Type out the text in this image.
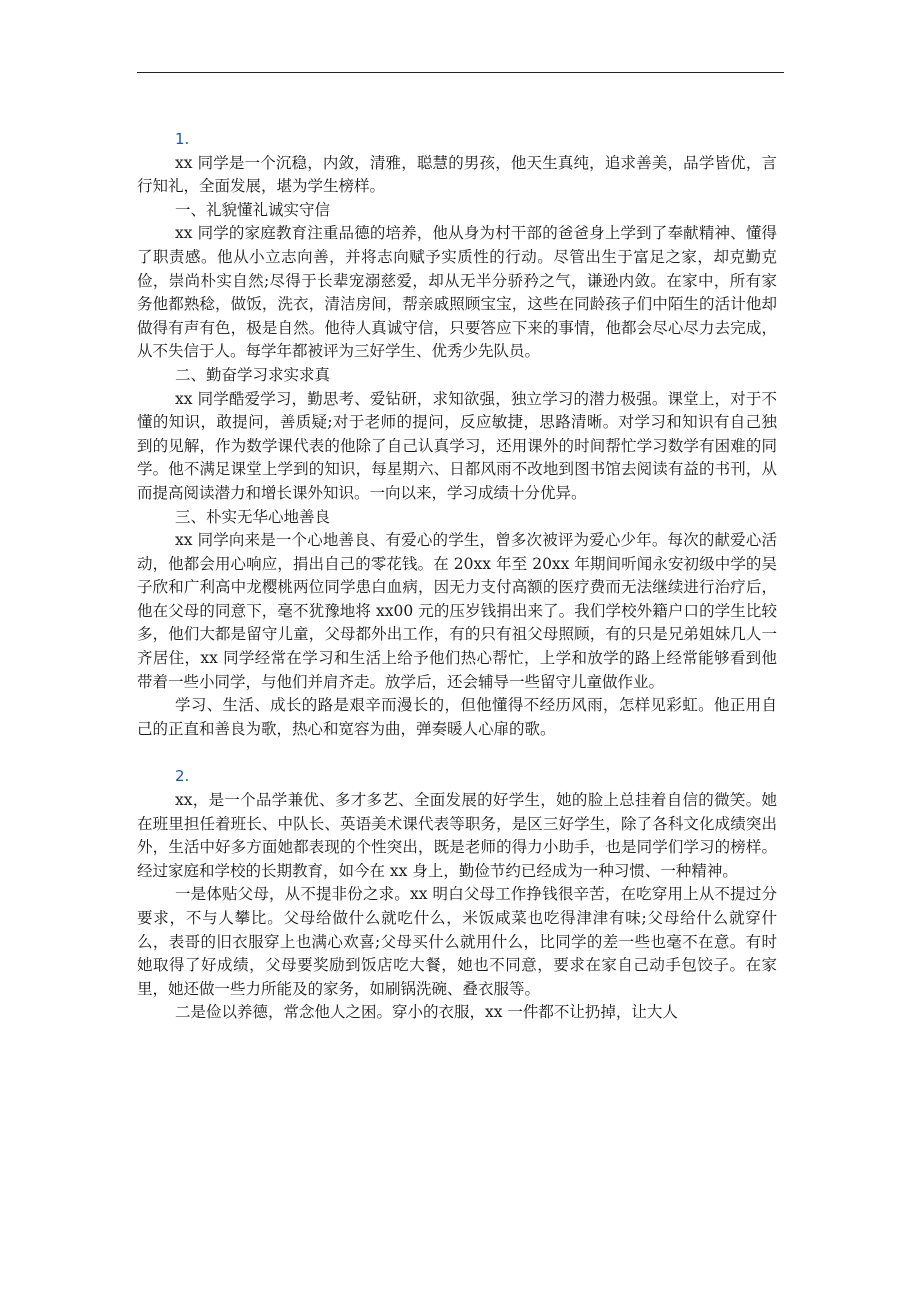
1.

xx 同学是一个沉稳，内敛，清雅，聪慧的男孩，他天生真纯，追求善美，品学皆优，言行知礼，全面发展，堪为学生榜样。

一、礼貌懂礼诚实守信

xx 同学的家庭教育注重品德的培养，他从身为村干部的爸爸身上学到了奉献精神、懂得了职责感。他从小立志向善，并将志向赋予实质性的行动。尽管出生于富足之家，却克勤克俭，崇尚朴实自然;尽得于长辈宠溺慈爱，却从无半分骄矜之气，谦逊内敛。在家中，所有家务他都熟稔，做饭，洗衣，清洁房间，帮亲戚照顾宝宝，这些在同龄孩子们中陌生的活计他却做得有声有色，极是自然。他待人真诚守信，只要答应下来的事情，他都会尽心尽力去完成，从不失信于人。每学年都被评为三好学生、优秀少先队员。

二、勤奋学习求实求真

xx 同学酷爱学习，勤思考、爱钻研，求知欲强，独立学习的潜力极强。课堂上，对于不懂的知识，敢提问，善质疑;对于老师的提问，反应敏捷，思路清晰。对学习和知识有自己独到的见解，作为数学课代表的他除了自己认真学习，还用课外的时间帮忙学习数学有困难的同学。他不满足课堂上学到的知识，每星期六、日都风雨不改地到图书馆去阅读有益的书刊，从而提高阅读潜力和增长课外知识。一向以来，学习成绩十分优异。

三、朴实无华心地善良

xx 同学向来是一个心地善良、有爱心的学生，曾多次被评为爱心少年。每次的献爱心活动，他都会用心响应，捐出自己的零花钱。在 20xx 年至 20xx 年期间听闻永安初级中学的吴子欣和广利高中龙樱桃两位同学患白血病，因无力支付高额的医疗费而无法继续进行治疗后，他在父母的同意下，毫不犹豫地将 xx00 元的压岁钱捐出来了。我们学校外籍户口的学生比较多，他们大都是留守儿童，父母都外出工作，有的只有祖父母照顾，有的只是兄弟姐妹几人一齐居住，xx 同学经常在学习和生活上给予他们热心帮忙，上学和放学的路上经常能够看到他带着一些小同学，与他们并肩齐走。放学后，还会辅导一些留守儿童做作业。

学习、生活、成长的路是艰辛而漫长的，但他懂得不经历风雨，怎样见彩虹。他正用自己的正直和善良为歌，热心和宽容为曲，弹奏暖人心扉的歌。

2.

xx，是一个品学兼优、多才多艺、全面发展的好学生，她的脸上总挂着自信的微笑。她在班里担任着班长、中队长、英语美术课代表等职务，是区三好学生，除了各科文化成绩突出外，生活中好多方面她都表现的个性突出，既是老师的得力小助手，也是同学们学习的榜样。经过家庭和学校的长期教育，如今在 xx 身上，勤俭节约已经成为一种习惯、一种精神。

一是体贴父母，从不提非份之求。xx 明白父母工作挣钱很辛苦，在吃穿用上从不提过分要求，不与人攀比。父母给做什么就吃什么，米饭咸菜也吃得津津有味;父母给什么就穿什么，表哥的旧衣服穿上也满心欢喜;父母买什么就用什么，比同学的差一些也毫不在意。有时她取得了好成绩，父母要奖励到饭店吃大餐，她也不同意，要求在家自己动手包饺子。在家里，她还做一些力所能及的家务，如刷锅洗碗、叠衣服等。

二是俭以养德，常念他人之困。穿小的衣服，xx 一件都不让扔掉，让大人
